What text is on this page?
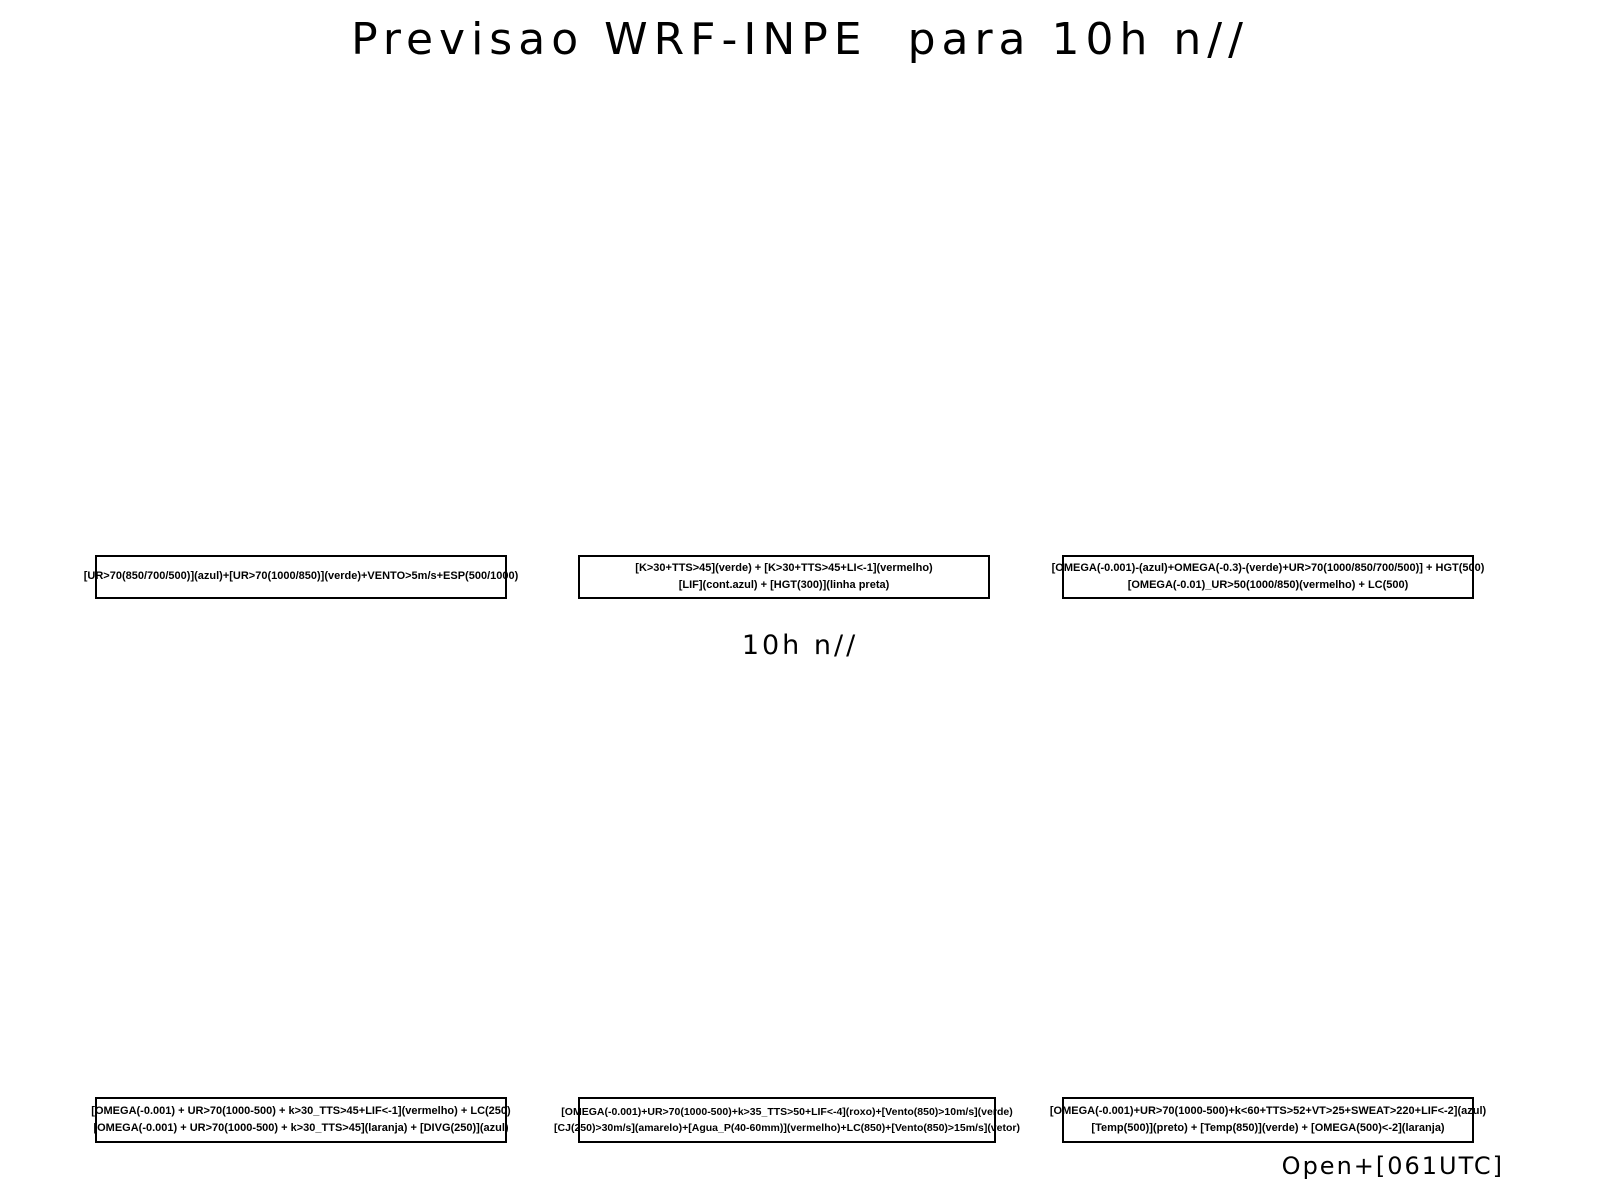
Previsao WRF-INPE  para 10h n//
[UR>70(850/700/500)](azul)+[UR>70(1000/850)](verde)+VENTO>5m/s+ESP(500/1000)
[K>30+TTS>45](verde) + [K>30+TTS>45+LI<-1](vermelho)
[LIF](cont.azul) + [HGT(300)](linha preta)
[OMEGA(-0.001)-(azul)+OMEGA(-0.3)-(verde)+UR>70(1000/850/700/500)] + HGT(500)
[OMEGA(-0.01)_UR>50(1000/850)(vermelho) + LC(500)
10h n//
[OMEGA(-0.001) + UR>70(1000-500) + k>30_TTS>45+LIF<-1](vermelho) + LC(250)
[OMEGA(-0.001) + UR>70(1000-500) + k>30_TTS>45](laranja) + [DIVG(250)](azul)
[OMEGA(-0.001)+UR>70(1000-500)+k>35_TTS>50+LIF<-4](roxo)+[Vento(850)>10m/s](verde)
[CJ(250)>30m/s](amarelo)+[Agua_P(40-60mm)](vermelho)+LC(850)+[Vento(850)>15m/s](vetor)
[OMEGA(-0.001)+UR>70(1000-500)+k<60+TTS>52+VT>25+SWEAT>220+LIF<-2](azul)
[Temp(500)](preto) + [Temp(850)](verde) + [OMEGA(500)<-2](laranja)
Open+[061UTC]
